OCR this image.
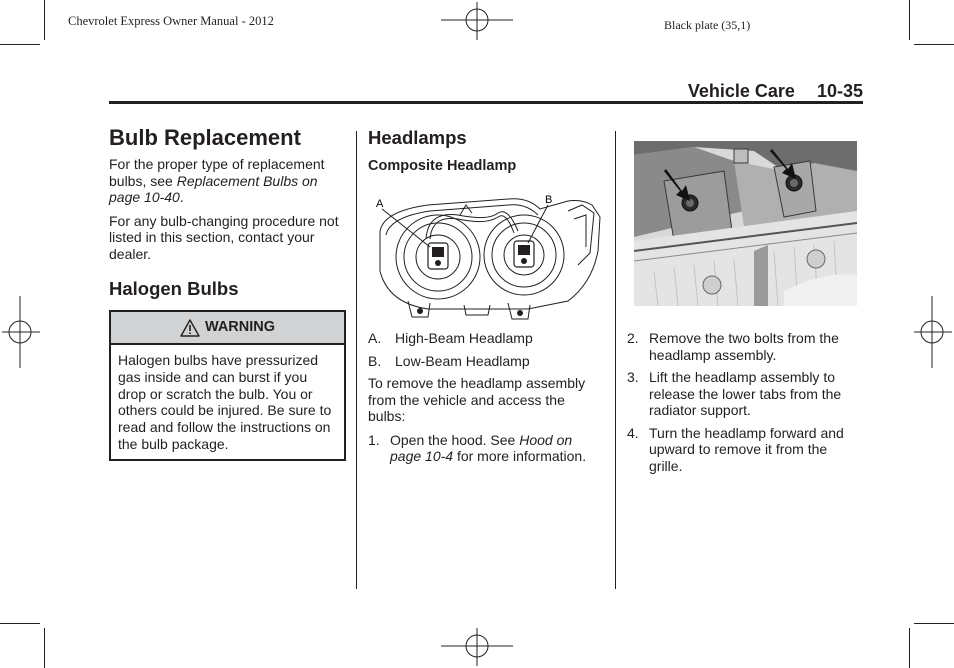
Chevrolet Express Owner Manual - 2012	Black plate (35,1)
Vehicle Care 10-35
Bulb Replacement

For the proper type of replacement bulbs, see Replacement Bulbs on page 10-40.

For any bulb-changing procedure not listed in this section, contact your dealer.

Halogen Bulbs
WARNING
Halogen bulbs have pressurized gas inside and can burst if you drop or scratch the bulb. You or others could be injured. Be sure to read and follow the instructions on the bulb package.
Headlamps
Composite Headlamp
A	B
A. High-Beam Headlamp
B. Low-Beam Headlamp

To remove the headlamp assembly from the vehicle and access the bulbs:

1. Open the hood. See Hood on page 10-4 for more information.
2. Remove the two bolts from the headlamp assembly.
3. Lift the headlamp assembly to release the lower tabs from the radiator support.
4. Turn the headlamp forward and upward to remove it from the grille.
